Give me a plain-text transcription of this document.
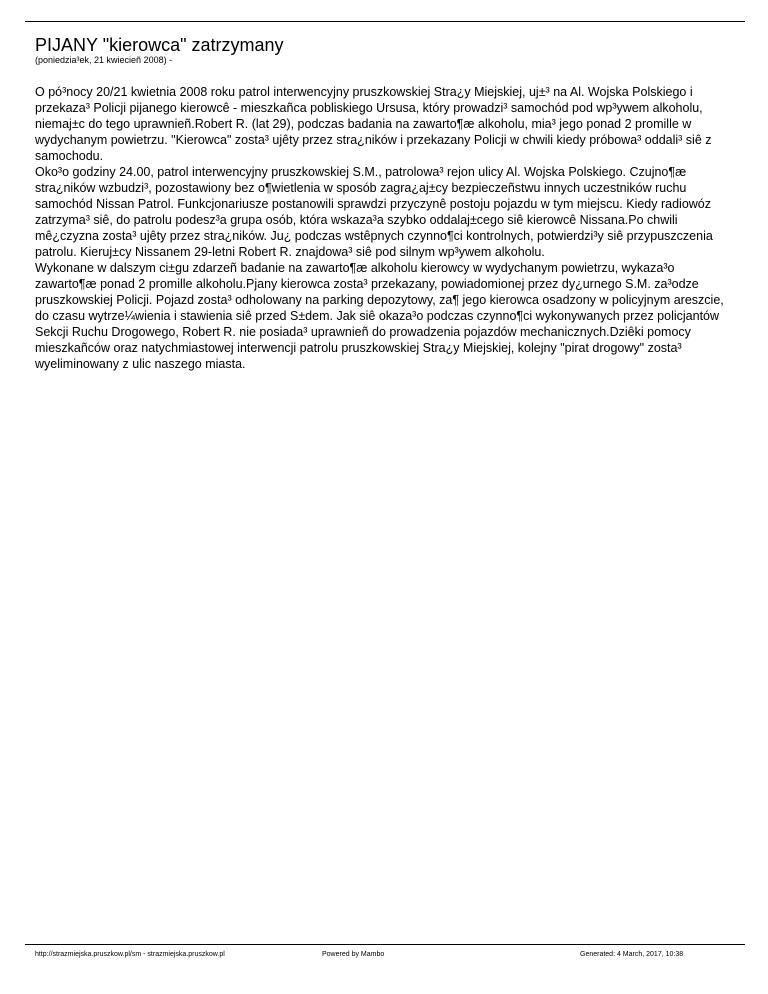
PIJANY "kierowca" zatrzymany
(poniedzia³ek, 21 kwiecieñ 2008) -

O pó³nocy 20/21 kwietnia 2008 roku patrol interwencyjny pruszkowskiej Stra¿y Miejskiej, uj±³ na Al. Wojska Polskiego i przekaza³ Policji pijanego kierowcê - mieszkañca pobliskiego Ursusa, który prowadzi³ samochód pod wp³ywem alkoholu, niemaj±c do tego uprawnieñ.Robert R. (lat 29), podczas badania na zawarto¶æ alkoholu, mia³ jego ponad 2 promille w wydychanym powietrzu. "Kierowca" zosta³ ujêty przez stra¿ników i przekazany Policji w chwili kiedy próbowa³ oddali³ siê z samochodu.
Oko³o godziny 24.00, patrol interwencyjny pruszkowskiej S.M., patrolowa³ rejon ulicy Al. Wojska Polskiego. Czujno¶æ stra¿ników wzbudzi³, pozostawiony bez o¶wietlenia w sposób zagra¿aj±cy bezpieczeñstwu innych uczestników ruchu samochód Nissan Patrol. Funkcjonariusze postanowili sprawdzi przyczynê postoju pojazdu w tym miejscu. Kiedy radiowóz zatrzyma³ siê, do patrolu podesz³a grupa osób, która wskaza³a szybko oddalaj±cego siê kierowcê Nissana.Po chwili mê¿czyzna zosta³ ujêty przez stra¿ników. Ju¿ podczas wstêpnych czynno¶ci kontrolnych, potwierdzi³y siê przypuszczenia patrolu. Kieruj±cy Nissanem 29-letni Robert R. znajdowa³ siê pod silnym wp³ywem alkoholu.
Wykonane w dalszym ci±gu zdarzeñ badanie na zawarto¶æ alkoholu kierowcy w wydychanym powietrzu, wykaza³o zawarto¶æ ponad 2 promille alkoholu.Pjany kierowca zosta³ przekazany, powiadomionej przez dy¿urnego S.M. za³odze pruszkowskiej Policji. Pojazd zosta³ odholowany na parking depozytowy, za¶ jego kierowca osadzony w policyjnym areszcie, do czasu wytrze¼wienia i stawienia siê przed S±dem. Jak siê okaza³o podczas czynno¶ci wykonywanych przez policjantów Sekcji Ruchu Drogowego, Robert R. nie posiada³ uprawnieñ do prowadzenia pojazdów mechanicznych.Dziêki pomocy mieszkañców oraz natychmiastowej interwencji patrolu pruszkowskiej Stra¿y Miejskiej, kolejny "pirat drogowy" zosta³ wyeliminowany z ulic naszego miasta.

http://strazmiejska.pruszkow.pl/sm - strazmiejska.pruszkow.pl	Powered by Mambo	Generated: 4 March, 2017, 10:38
